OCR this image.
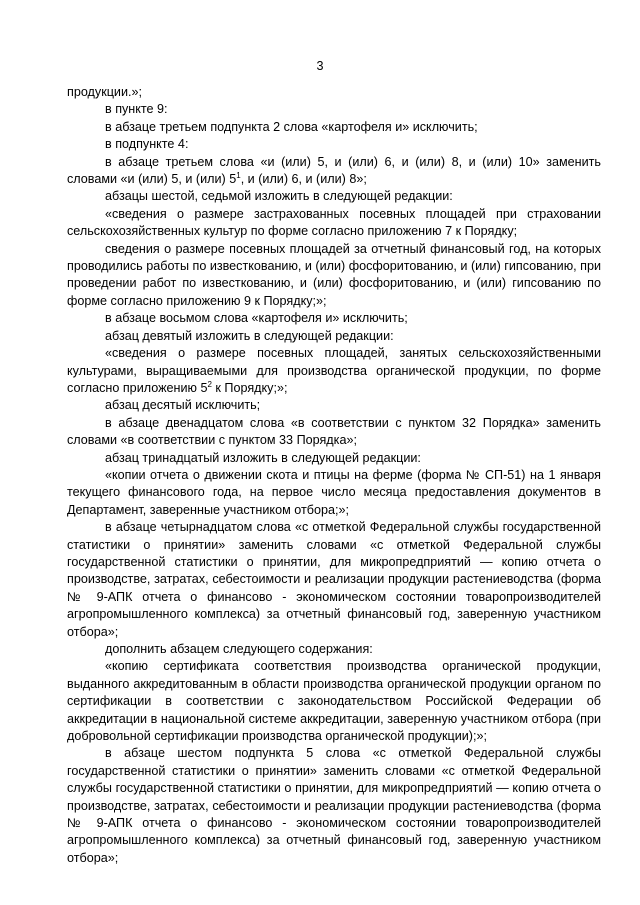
3

продукции.»;

в пункте 9:

в абзаце третьем подпункта 2 слова «картофеля и» исключить;

в подпункте 4:

в абзаце третьем слова «и (или) 5, и (или) 6, и (или) 8, и (или) 10» заменить словами «и (или) 5, и (или) $5^1$, и (или) 6, и (или) 8»;

абзацы шестой, седьмой изложить в следующей редакции:

«сведения о размере застрахованных посевных площадей при страховании сельскохозяйственных культур по форме согласно приложению 7 к Порядку;

сведения о размере посевных площадей за отчетный финансовый год, на которых проводились работы по известкованию, и (или) фосфоритованию, и (или) гипсованию, при проведении работ по известкованию, и (или) фосфоритованию, и (или) гипсованию по форме согласно приложению 9 к Порядку;»;

в абзаце восьмом слова «картофеля и» исключить;

абзац девятый изложить в следующей редакции:

«сведения о размере посевных площадей, занятых сельскохозяйственными культурами, выращиваемыми для производства органической продукции, по форме согласно приложению $5^2$ к Порядку;»;

абзац десятый исключить;

в абзаце двенадцатом слова «в соответствии с пунктом 32 Порядка» заменить словами «в соответствии с пунктом 33 Порядка»;

абзац тринадцатый изложить в следующей редакции:

«копии отчета о движении скота и птицы на ферме (форма № СП-51) на 1 января текущего финансового года, на первое число месяца предоставления документов в Департамент, заверенные участником отбора;»;

в абзаце четырнадцатом слова «с отметкой Федеральной службы государственной статистики о принятии» заменить словами «с отметкой Федеральной службы государственной статистики о принятии, для микропредприятий — копию отчета о производстве, затратах, себестоимости и реализации продукции растениеводства (форма № 9-АПК отчета о финансово - экономическом состоянии товаропроизводителей агропромышленного комплекса) за отчетный финансовый год, заверенную участником отбора»;

дополнить абзацем следующего содержания:

«копию сертификата соответствия производства органической продукции, выданного аккредитованным в области производства органической продукции органом по сертификации в соответствии с законодательством Российской Федерации об аккредитации в национальной системе аккредитации, заверенную участником отбора (при добровольной сертификации производства органической продукции);»;

в абзаце шестом подпункта 5 слова «с отметкой Федеральной службы государственной статистики о принятии» заменить словами «с отметкой Федеральной службы государственной статистики о принятии, для микропредприятий — копию отчета о производстве, затратах, себестоимости и реализации продукции растениеводства (форма № 9-АПК отчета о финансово - экономическом состоянии товаропроизводителей агропромышленного комплекса) за отчетный финансовый год, заверенную участником отбора»;
